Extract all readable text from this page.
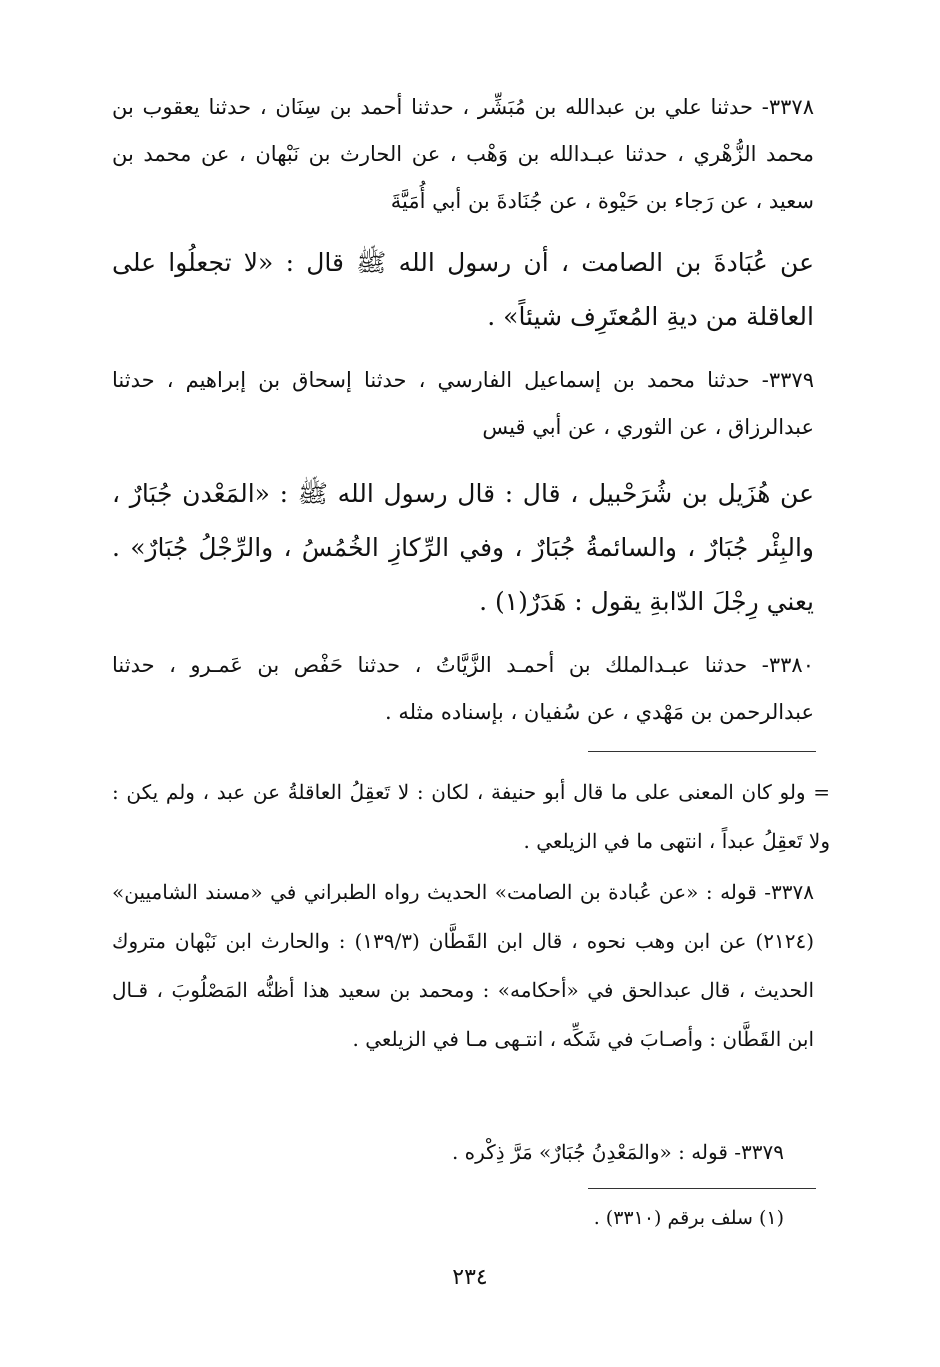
٣٣٧٨- حدثنا علي بن عبدالله بن مُبَشِّر ، حدثنا أحمد بن سِنَان ، حدثنا يعقوب بن محمد الزُّهْري ، حدثنا عبـدالله بن وَهْب ، عن الحارث بن نَبْهان ، عن محمد بن سعيد ، عن رَجاء بن حَيْوة ، عن جُنَادةَ بن أبي أُمَيَّةَ

عن عُبَادةَ بن الصامت ، أن رسول الله ﷺ قال : «لا تجعلُوا على العاقلة من ديةِ المُعتَرِف شيئاً» .

٣٣٧٩- حدثنا محمد بن إسماعيل الفارسي ، حدثنا إسحاق بن إبراهيم ، حدثنا عبدالرزاق ، عن الثوري ، عن أبي قيس

عن هُزَيل بن شُرَحْبيل ، قال : قال رسول الله ﷺ : «المَعْدن جُبَارٌ ، والبِئْر جُبَارٌ ، والسائمةُ جُبَارٌ ، وفي الرِّكازِ الخُمُسُ ، والرِّجْلُ جُبَارٌ» . يعني رِجْلَ الدّابةِ يقول : هَدَرٌ(١) .

٣٣٨٠- حدثنا عبـدالملك بن أحمـد الزَّيَّاتُ ، حدثنا حَفْص بن عَمـرو ، حدثنا عبدالرحمن بن مَهْدي ، عن سُفيان ، بإسناده مثله .

= ولو كان المعنى على ما قال أبو حنيفة ، لكان : لا تَعقِلُ العاقلةُ عن عبد ، ولم يكن : ولا تَعقِلُ عبداً ، انتهى ما في الزيلعي .

٣٣٧٨- قوله : «عن عُبادة بن الصامت» الحديث رواه الطبراني في «مسند الشاميين» (٢١٢٤) عن ابن وهب نحوه ، قال ابن القَطَّان (١٣٩/٣) : والحارث ابن نَبْهان متروك الحديث ، قال عبدالحق في «أحكامه» : ومحمد بن سعيد هذا أظنُّه المَصْلُوبَ ، قـال ابن القَطَّان : وأصـابَ في شَكِّه ، انتـهى مـا في الزيلعي .

٣٣٧٩- قوله : «والمَعْدِنُ جُبَارٌ» مَرَّ ذِكْره .

(١) سلف برقم (٣٣١٠) .

٢٣٤
